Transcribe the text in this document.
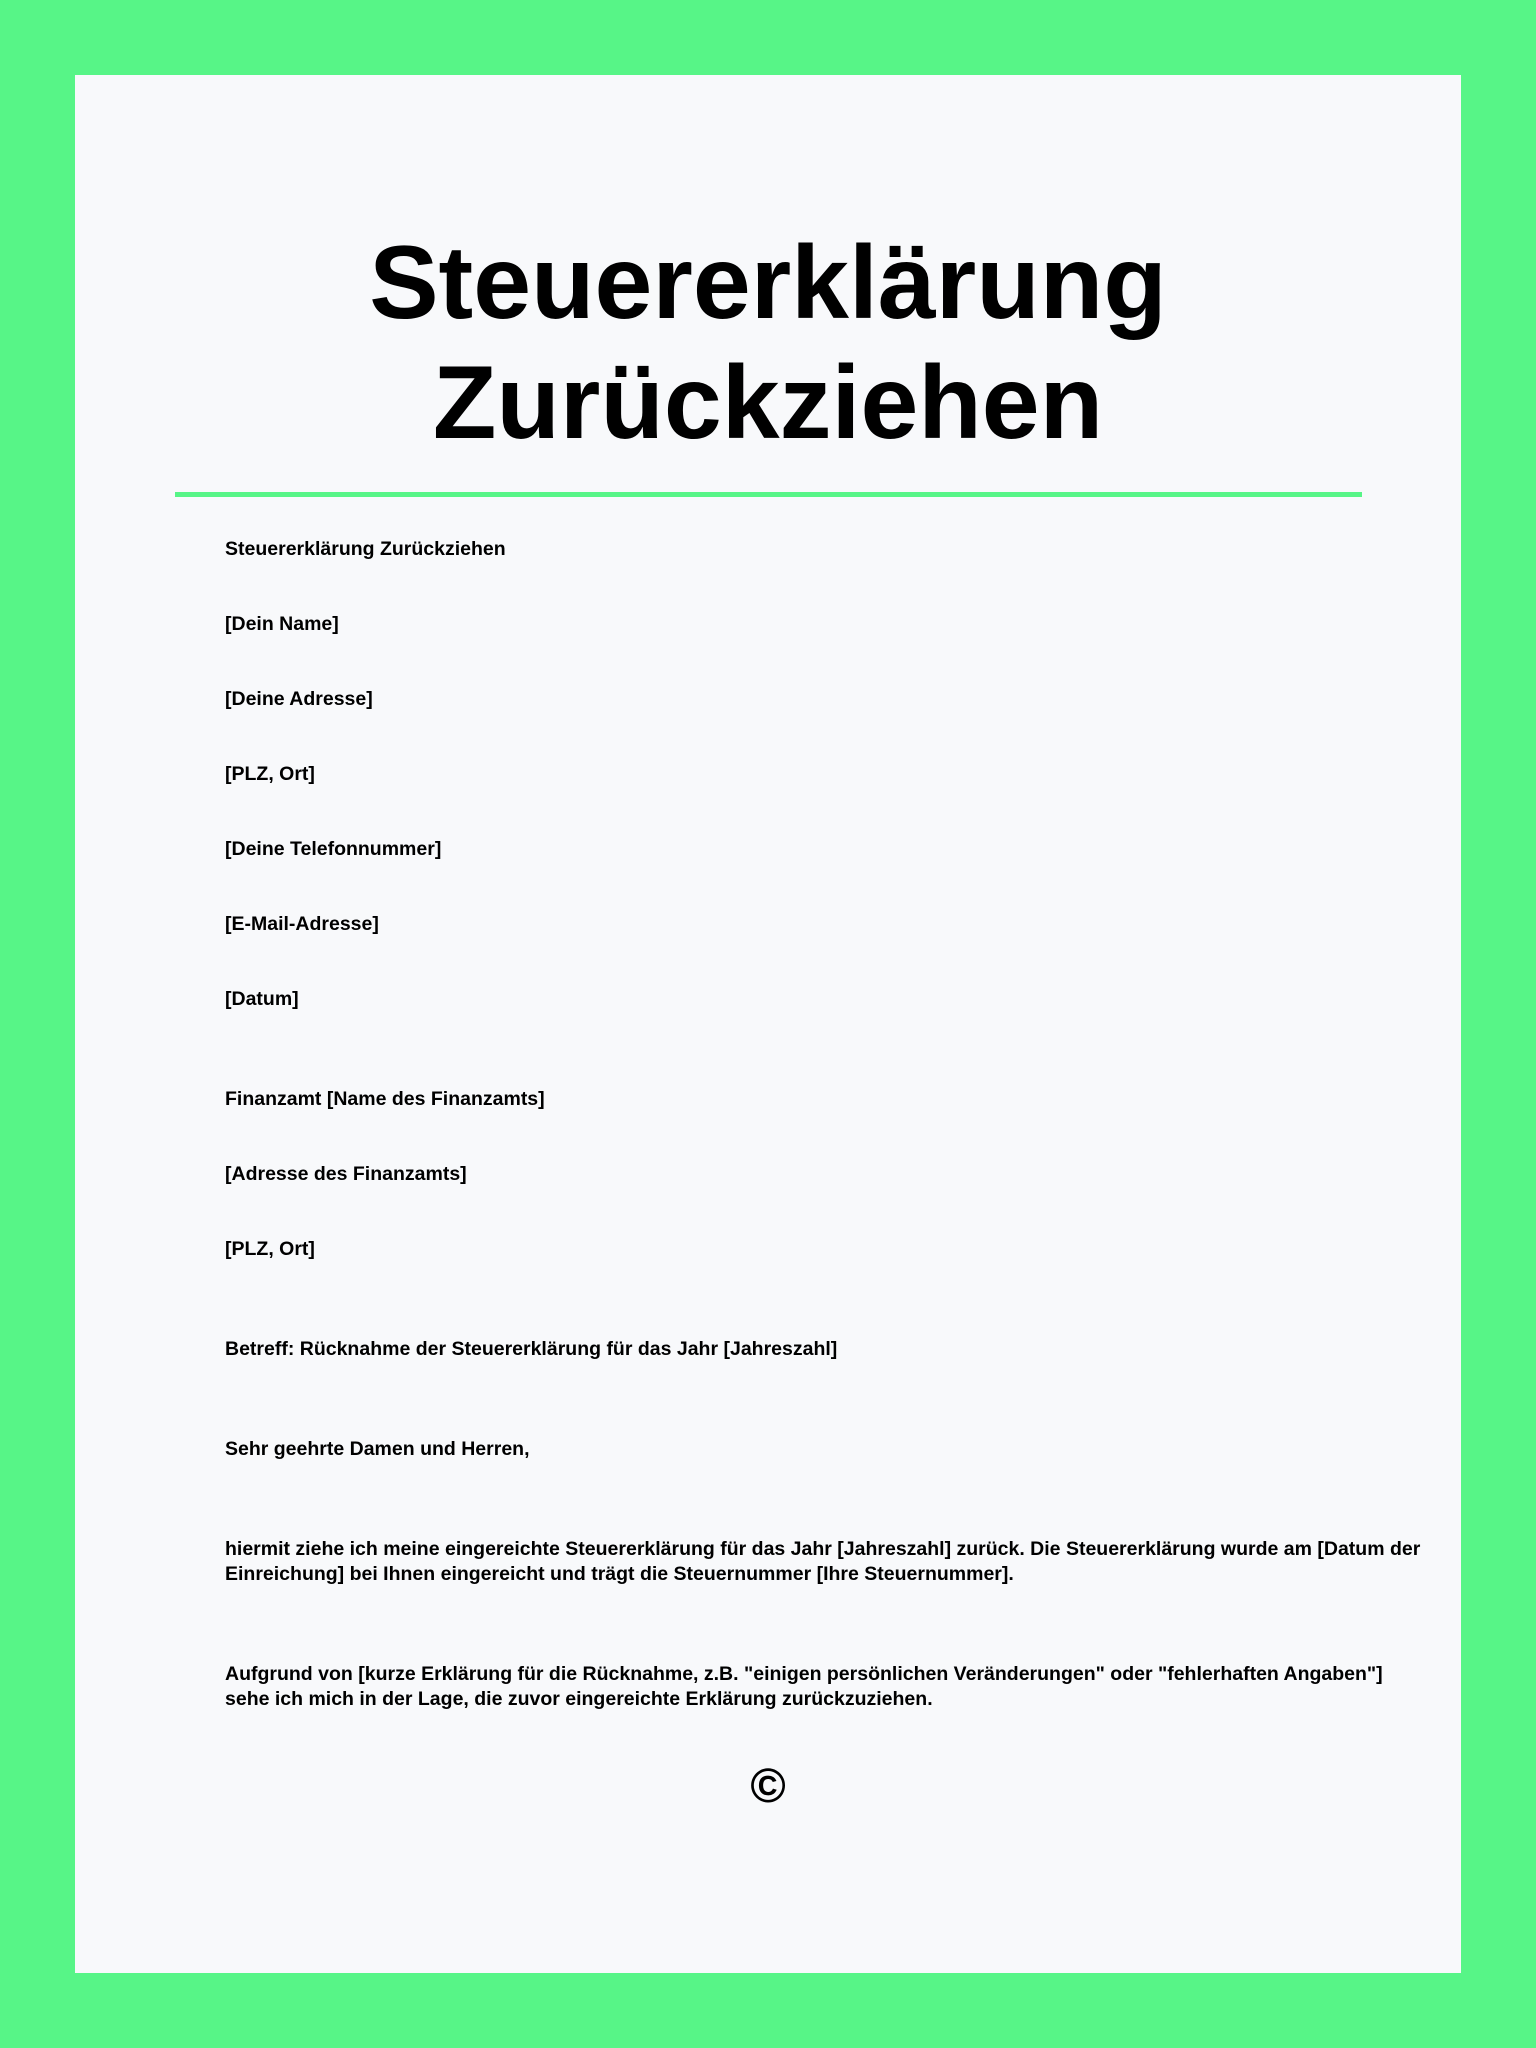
Steuererklärung
Zurückziehen

Steuererklärung Zurückziehen

[Dein Name]

[Deine Adresse]

[PLZ, Ort]

[Deine Telefonnummer]

[E-Mail-Adresse]

[Datum]

Finanzamt [Name des Finanzamts]

[Adresse des Finanzamts]

[PLZ, Ort]

Betreff: Rücknahme der Steuererklärung für das Jahr [Jahreszahl]

Sehr geehrte Damen und Herren,

hiermit ziehe ich meine eingereichte Steuererklärung für das Jahr [Jahreszahl] zurück. Die Steuererklärung wurde am [Datum der Einreichung] bei Ihnen eingereicht und trägt die Steuernummer [Ihre Steuernummer].

Aufgrund von [kurze Erklärung für die Rücknahme, z.B. "einigen persönlichen Veränderungen" oder "fehlerhaften Angaben"] sehe ich mich in der Lage, die zuvor eingereichte Erklärung zurückzuziehen.

©
